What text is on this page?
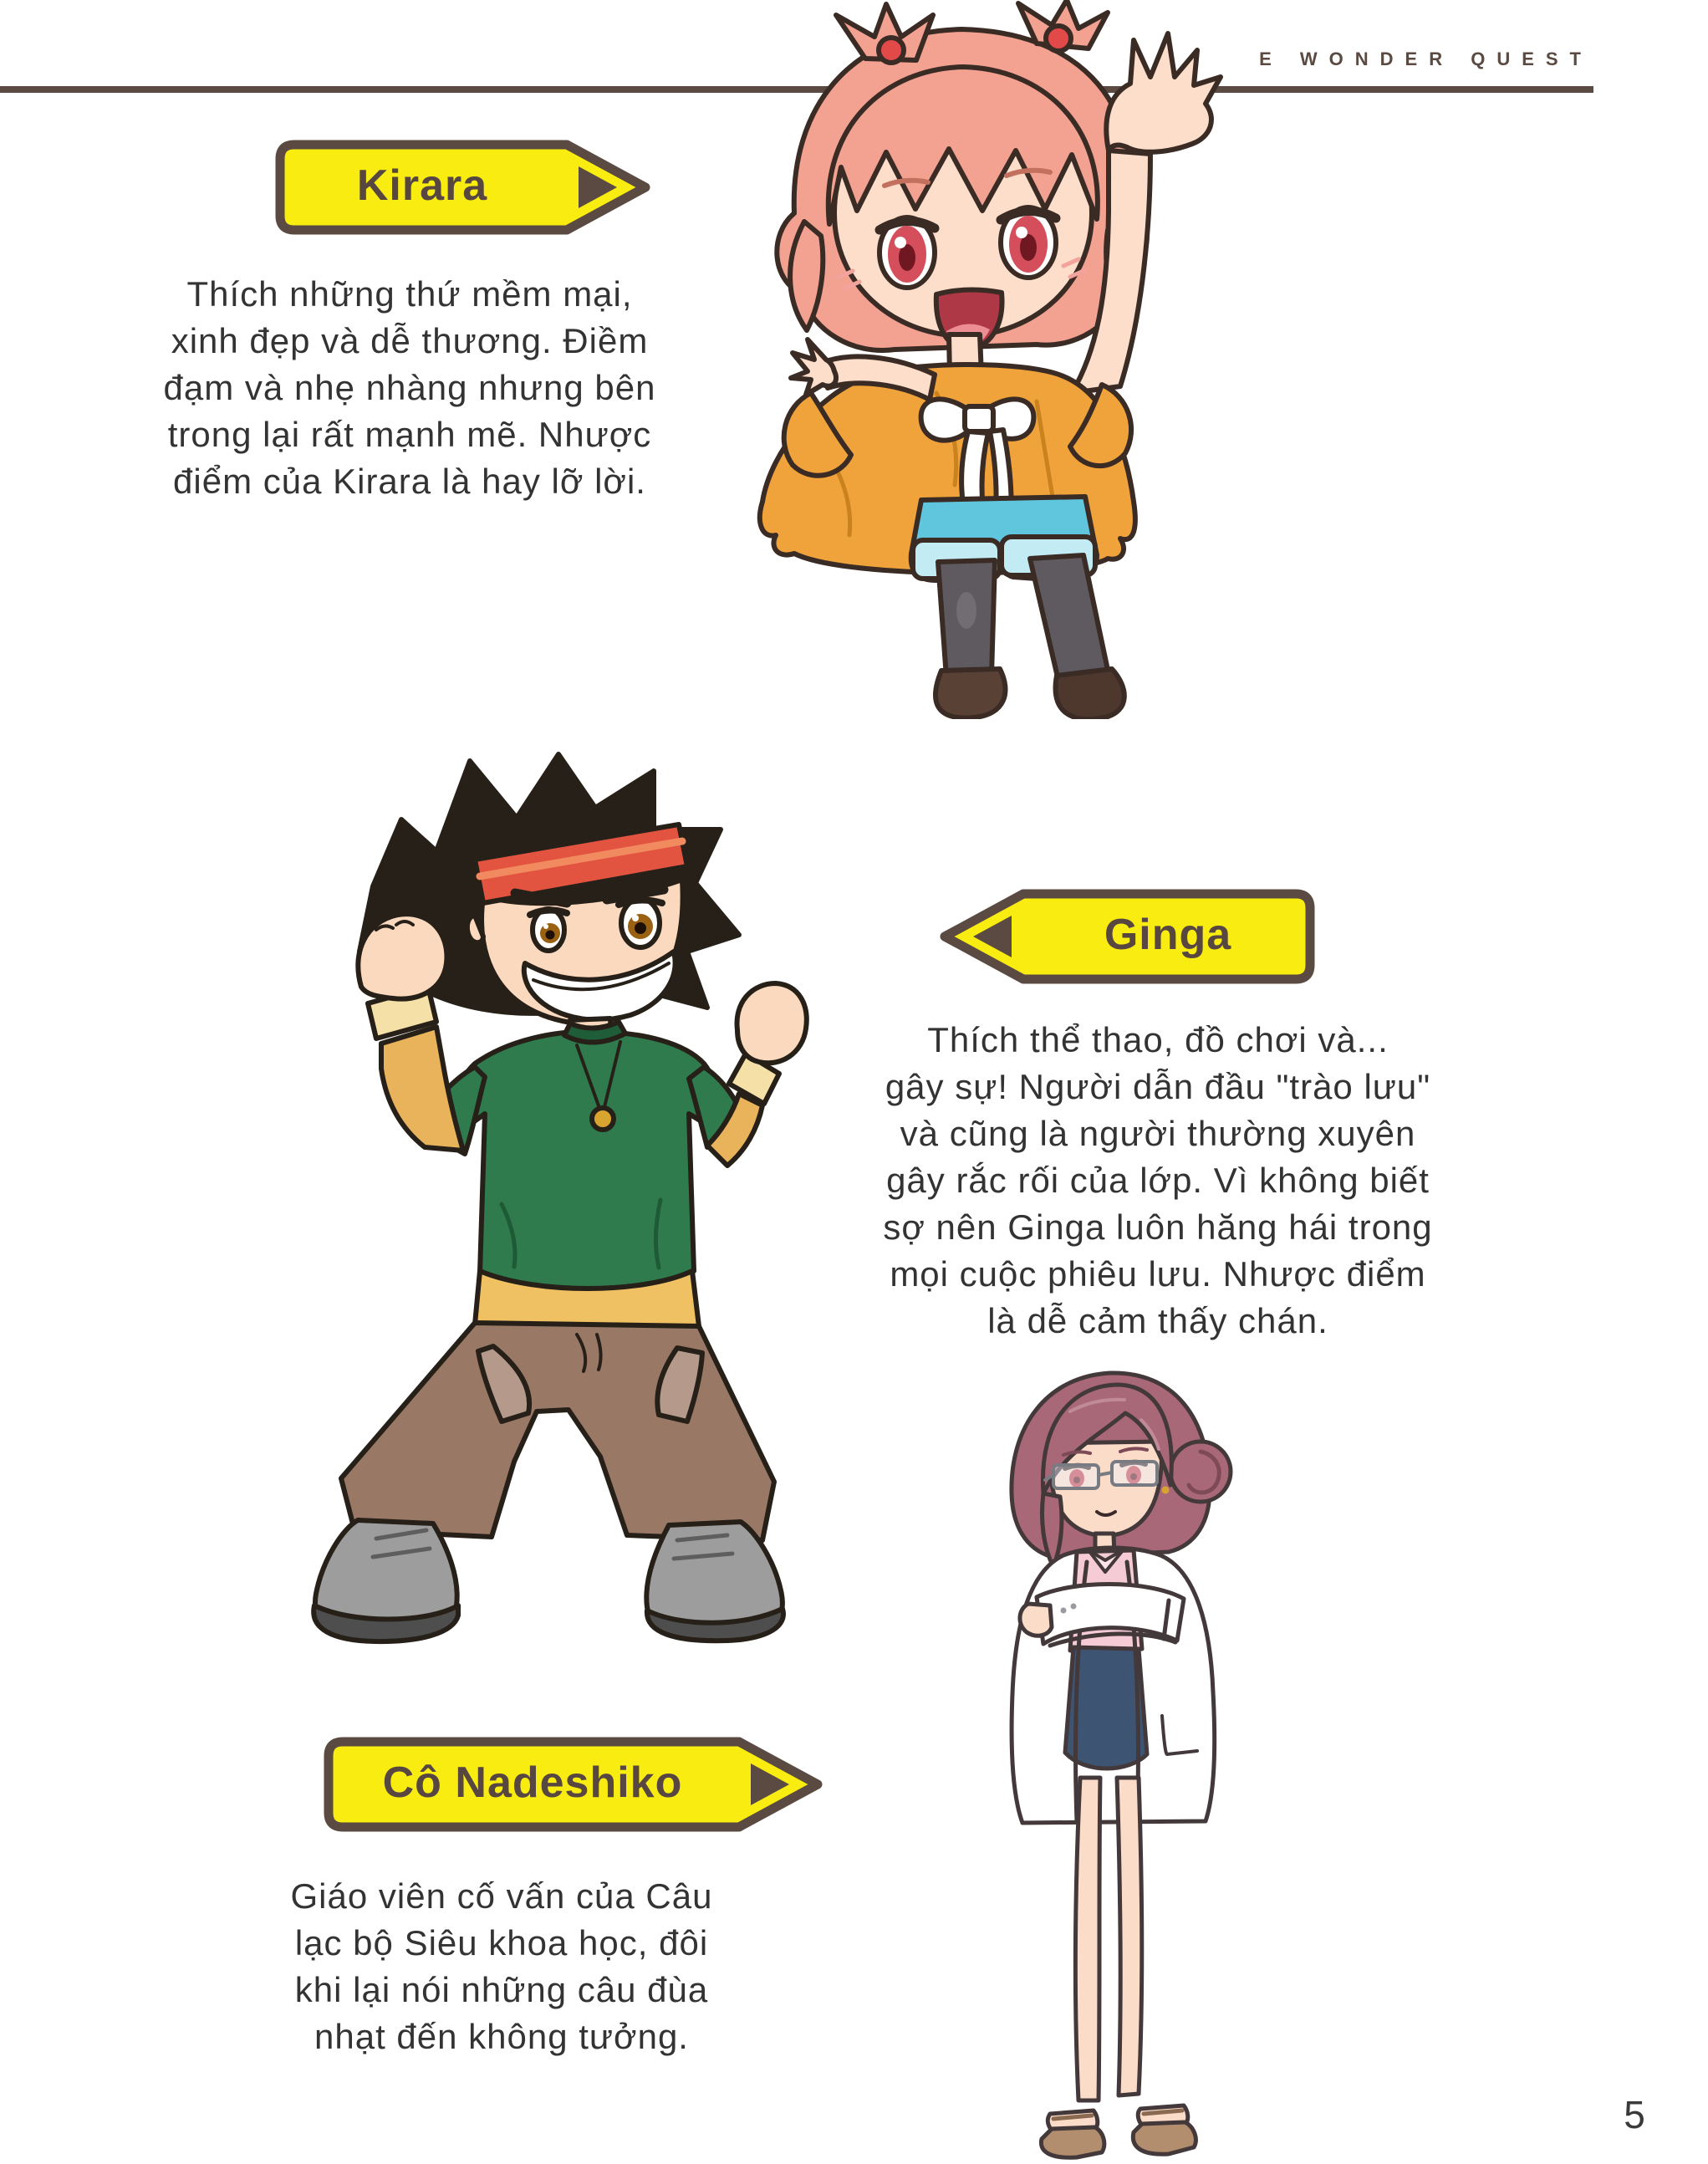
E WONDER QUEST
Kirara
Thích những thứ mềm mại,
xinh đẹp và dễ thương. Điềm
đạm và nhẹ nhàng nhưng bên
trong lại rất mạnh mẽ. Nhược
điểm của Kirara là hay lỡ lời.
Ginga
Thích thể thao, đồ chơi và...
gây sự! Người dẫn đầu "trào lưu"
và cũng là người thường xuyên
gây rắc rối của lớp. Vì không biết
sợ nên Ginga luôn hăng hái trong
mọi cuộc phiêu lưu. Nhược điểm
là dễ cảm thấy chán.
Cô Nadeshiko
Giáo viên cố vấn của Câu
lạc bộ Siêu khoa học, đôi
khi lại nói những câu đùa
nhạt đến không tưởng.
5
